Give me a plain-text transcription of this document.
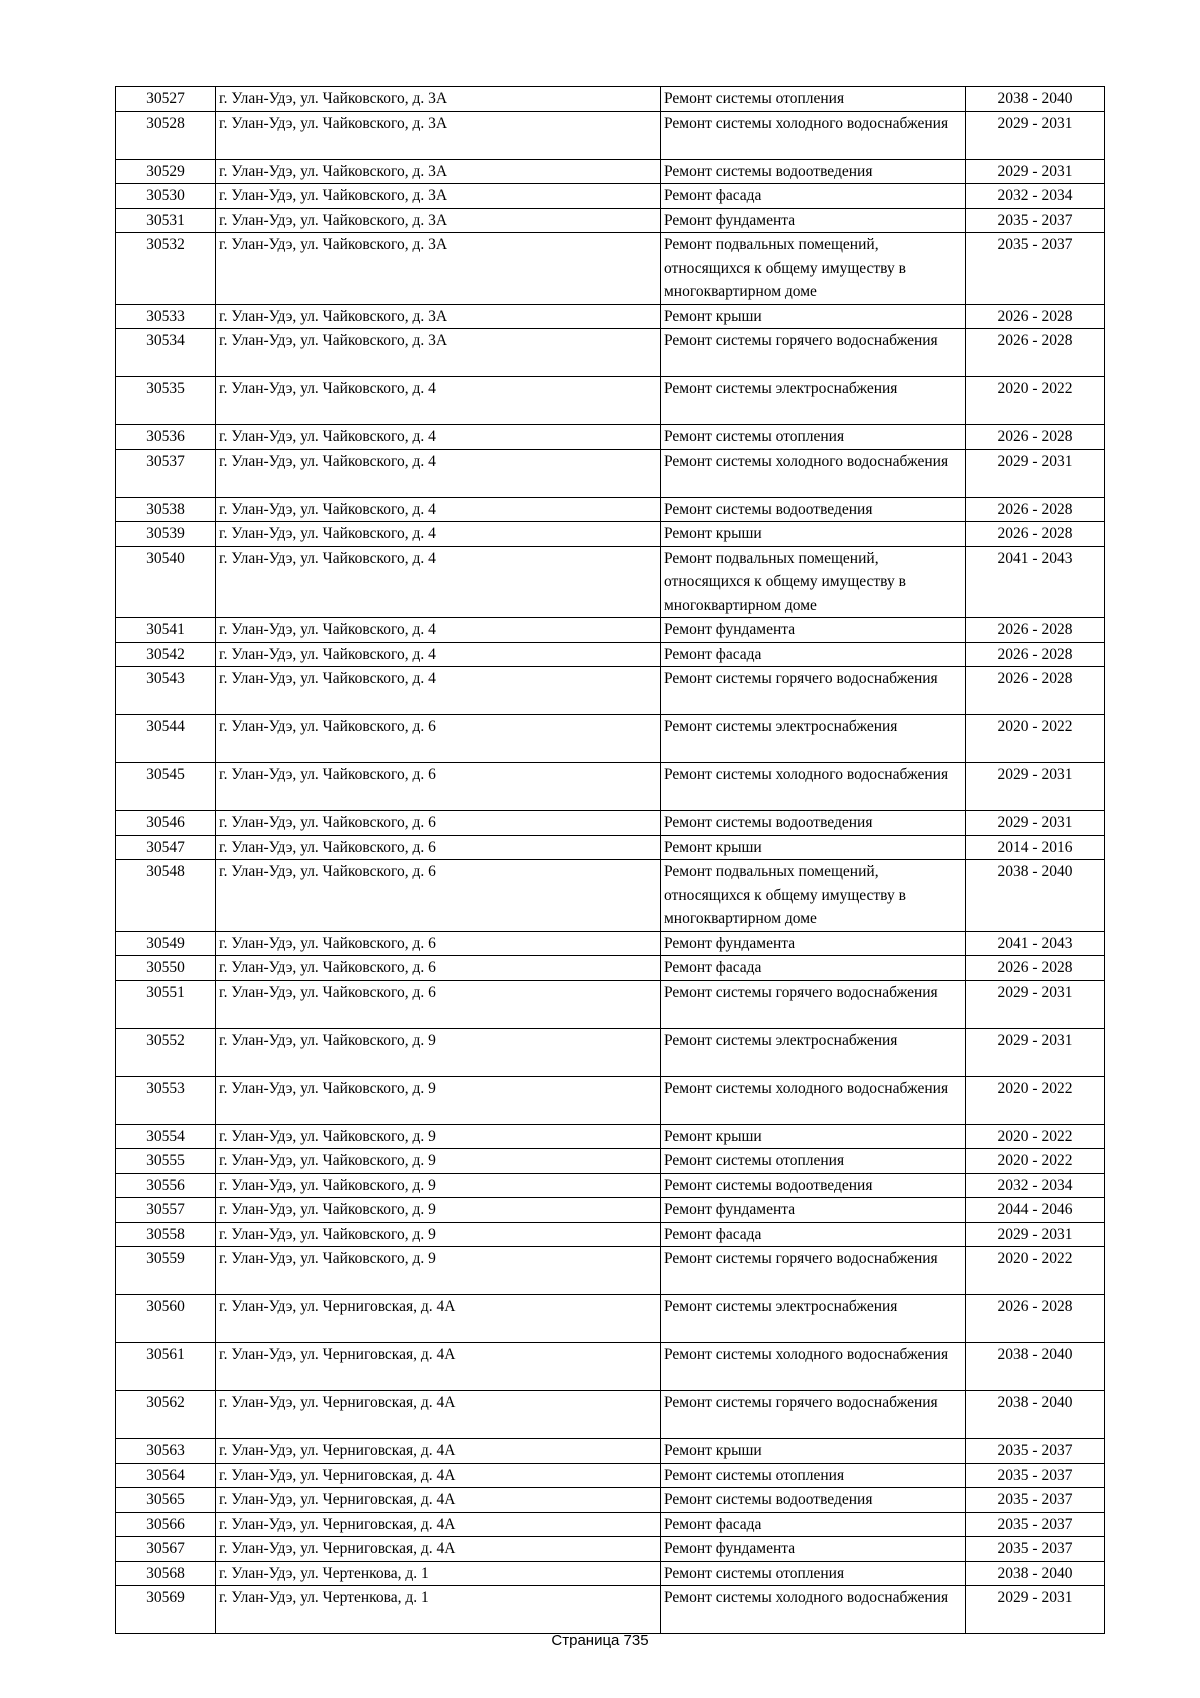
30527	г. Улан-Удэ, ул. Чайковского, д. 3А	Ремонт системы отопления	2038 - 2040
30528	г. Улан-Удэ, ул. Чайковского, д. 3А	Ремонт системы холодного водоснабжения	2029 - 2031
30529	г. Улан-Удэ, ул. Чайковского, д. 3А	Ремонт системы водоотведения	2029 - 2031
30530	г. Улан-Удэ, ул. Чайковского, д. 3А	Ремонт фасада	2032 - 2034
30531	г. Улан-Удэ, ул. Чайковского, д. 3А	Ремонт фундамента	2035 - 2037
30532	г. Улан-Удэ, ул. Чайковского, д. 3А	Ремонт подвальных помещений, относящихся к общему имуществу в многоквартирном доме	2035 - 2037
30533	г. Улан-Удэ, ул. Чайковского, д. 3А	Ремонт крыши	2026 - 2028
30534	г. Улан-Удэ, ул. Чайковского, д. 3А	Ремонт системы горячего водоснабжения	2026 - 2028
30535	г. Улан-Удэ, ул. Чайковского, д. 4	Ремонт системы электроснабжения	2020 - 2022
30536	г. Улан-Удэ, ул. Чайковского, д. 4	Ремонт системы отопления	2026 - 2028
30537	г. Улан-Удэ, ул. Чайковского, д. 4	Ремонт системы холодного водоснабжения	2029 - 2031
30538	г. Улан-Удэ, ул. Чайковского, д. 4	Ремонт системы водоотведения	2026 - 2028
30539	г. Улан-Удэ, ул. Чайковского, д. 4	Ремонт крыши	2026 - 2028
30540	г. Улан-Удэ, ул. Чайковского, д. 4	Ремонт подвальных помещений, относящихся к общему имуществу в многоквартирном доме	2041 - 2043
30541	г. Улан-Удэ, ул. Чайковского, д. 4	Ремонт фундамента	2026 - 2028
30542	г. Улан-Удэ, ул. Чайковского, д. 4	Ремонт фасада	2026 - 2028
30543	г. Улан-Удэ, ул. Чайковского, д. 4	Ремонт системы горячего водоснабжения	2026 - 2028
30544	г. Улан-Удэ, ул. Чайковского, д. 6	Ремонт системы электроснабжения	2020 - 2022
30545	г. Улан-Удэ, ул. Чайковского, д. 6	Ремонт системы холодного водоснабжения	2029 - 2031
30546	г. Улан-Удэ, ул. Чайковского, д. 6	Ремонт системы водоотведения	2029 - 2031
30547	г. Улан-Удэ, ул. Чайковского, д. 6	Ремонт крыши	2014 - 2016
30548	г. Улан-Удэ, ул. Чайковского, д. 6	Ремонт подвальных помещений, относящихся к общему имуществу в многоквартирном доме	2038 - 2040
30549	г. Улан-Удэ, ул. Чайковского, д. 6	Ремонт фундамента	2041 - 2043
30550	г. Улан-Удэ, ул. Чайковского, д. 6	Ремонт фасада	2026 - 2028
30551	г. Улан-Удэ, ул. Чайковского, д. 6	Ремонт системы горячего водоснабжения	2029 - 2031
30552	г. Улан-Удэ, ул. Чайковского, д. 9	Ремонт системы электроснабжения	2029 - 2031
30553	г. Улан-Удэ, ул. Чайковского, д. 9	Ремонт системы холодного водоснабжения	2020 - 2022
30554	г. Улан-Удэ, ул. Чайковского, д. 9	Ремонт крыши	2020 - 2022
30555	г. Улан-Удэ, ул. Чайковского, д. 9	Ремонт системы отопления	2020 - 2022
30556	г. Улан-Удэ, ул. Чайковского, д. 9	Ремонт системы водоотведения	2032 - 2034
30557	г. Улан-Удэ, ул. Чайковского, д. 9	Ремонт фундамента	2044 - 2046
30558	г. Улан-Удэ, ул. Чайковского, д. 9	Ремонт фасада	2029 - 2031
30559	г. Улан-Удэ, ул. Чайковского, д. 9	Ремонт системы горячего водоснабжения	2020 - 2022
30560	г. Улан-Удэ, ул. Черниговская, д. 4А	Ремонт системы электроснабжения	2026 - 2028
30561	г. Улан-Удэ, ул. Черниговская, д. 4А	Ремонт системы холодного водоснабжения	2038 - 2040
30562	г. Улан-Удэ, ул. Черниговская, д. 4А	Ремонт системы горячего водоснабжения	2038 - 2040
30563	г. Улан-Удэ, ул. Черниговская, д. 4А	Ремонт крыши	2035 - 2037
30564	г. Улан-Удэ, ул. Черниговская, д. 4А	Ремонт системы отопления	2035 - 2037
30565	г. Улан-Удэ, ул. Черниговская, д. 4А	Ремонт системы водоотведения	2035 - 2037
30566	г. Улан-Удэ, ул. Черниговская, д. 4А	Ремонт фасада	2035 - 2037
30567	г. Улан-Удэ, ул. Черниговская, д. 4А	Ремонт фундамента	2035 - 2037
30568	г. Улан-Удэ, ул. Чертенкова, д. 1	Ремонт системы отопления	2038 - 2040
30569	г. Улан-Удэ, ул. Чертенкова, д. 1	Ремонт системы холодного водоснабжения	2029 - 2031
Страница 735
